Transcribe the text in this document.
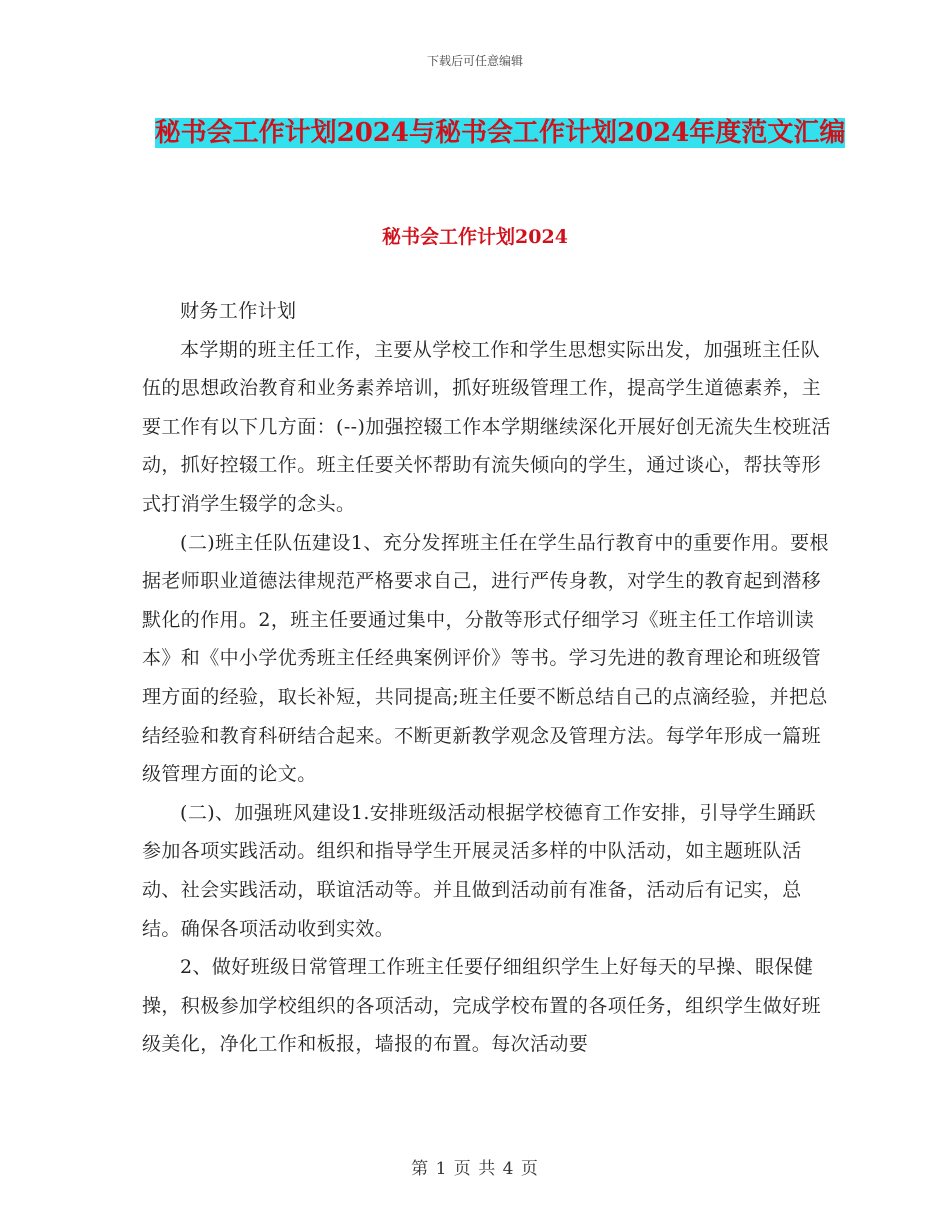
下载后可任意编辑
秘书会工作计划2024与秘书会工作计划2024年度范文汇编
秘书会工作计划2024

财务工作计划

本学期的班主任工作，主要从学校工作和学生思想实际出发，加强班主任队伍的思想政治教育和业务素养培训，抓好班级管理工作，提高学生道德素养，主要工作有以下几方面：(--)加强控辍工作本学期继续深化开展好创无流失生校班活动，抓好控辍工作。班主任要关怀帮助有流失倾向的学生，通过谈心，帮扶等形式打消学生辍学的念头。

(二)班主任队伍建设1、充分发挥班主任在学生品行教育中的重要作用。要根据老师职业道德法律规范严格要求自己，进行严传身教，对学生的教育起到潜移默化的作用。2，班主任要通过集中，分散等形式仔细学习《班主任工作培训读本》和《中小学优秀班主任经典案例评价》等书。学习先进的教育理论和班级管理方面的经验，取长补短，共同提高;班主任要不断总结自己的点滴经验，并把总结经验和教育科研结合起来。不断更新教学观念及管理方法。每学年形成一篇班级管理方面的论文。

(二)、加强班风建设1.安排班级活动根据学校德育工作安排，引导学生踊跃参加各项实践活动。组织和指导学生开展灵活多样的中队活动，如主题班队活动、社会实践活动，联谊活动等。并且做到活动前有准备，活动后有记实，总结。确保各项活动收到实效。

2、做好班级日常管理工作班主任要仔细组织学生上好每天的早操、眼保健操，积极参加学校组织的各项活动，完成学校布置的各项任务，组织学生做好班级美化，净化工作和板报，墙报的布置。每次活动要

第 1 页 共 4 页
